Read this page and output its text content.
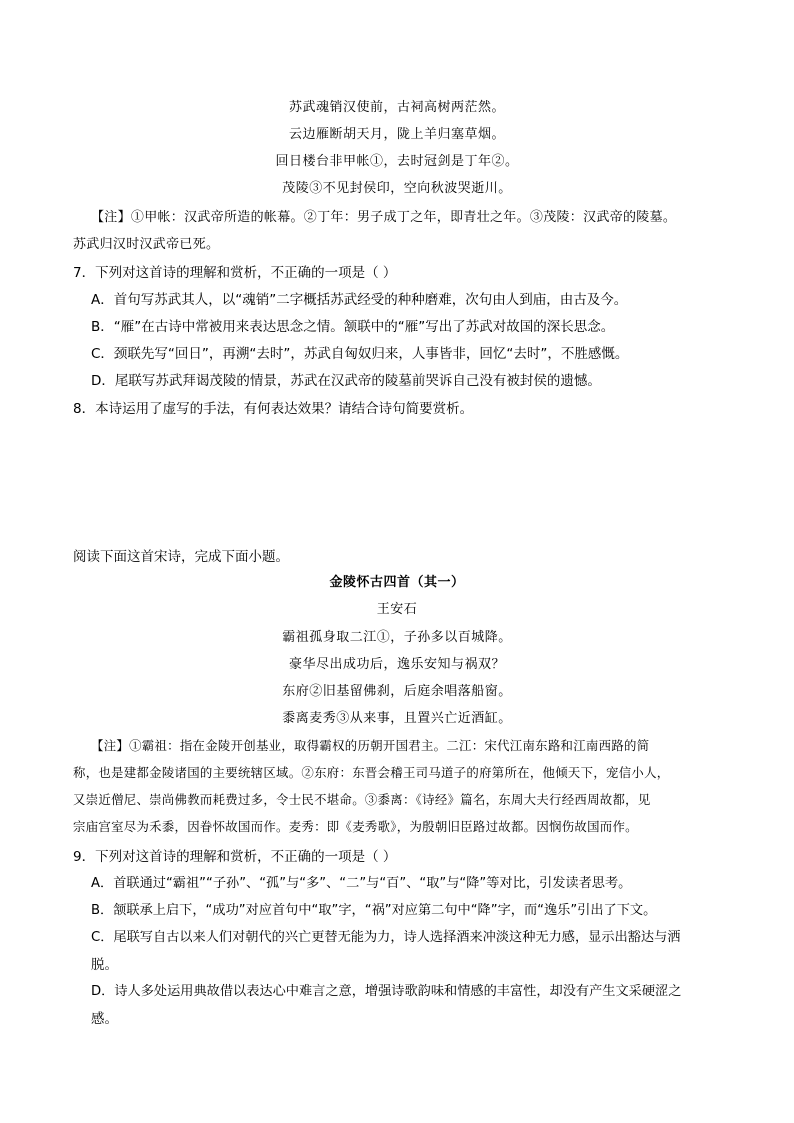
苏武魂销汉使前，古祠高树两茫然。
云边雁断胡天月，陇上羊归塞草烟。
回日楼台非甲帐①，去时冠剑是丁年②。
茂陵③不见封侯印，空向秋波哭逝川。
【注】①甲帐：汉武帝所造的帐幕。②丁年：男子成丁之年，即青壮之年。③茂陵：汉武帝的陵墓。
苏武归汉时汉武帝已死。
7．下列对这首诗的理解和赏析，不正确的一项是（ ）
A．首句写苏武其人，以“魂销”二字概括苏武经受的种种磨难，次句由人到庙，由古及今。
B．“雁”在古诗中常被用来表达思念之情。颔联中的“雁”写出了苏武对故国的深长思念。
C．颈联先写“回日”，再溯“去时”，苏武自匈奴归来，人事皆非，回忆“去时”，不胜感慨。
D．尾联写苏武拜谒茂陵的情景，苏武在汉武帝的陵墓前哭诉自己没有被封侯的遗憾。
8．本诗运用了虚写的手法，有何表达效果？请结合诗句简要赏析。
阅读下面这首宋诗，完成下面小题。
金陵怀古四首（其一）
王安石
霸祖孤身取二江①，子孙多以百城降。
豪华尽出成功后，逸乐安知与祸双？
东府②旧基留佛刹，后庭余唱落船窗。
黍离麦秀③从来事，且置兴亡近酒缸。
【注】①霸祖：指在金陵开创基业，取得霸权的历朝开国君主。二江：宋代江南东路和江南西路的简
称，也是建都金陵诸国的主要统辖区域。②东府：东晋会稽王司马道子的府第所在，他倾天下，宠信小人，
又崇近僧尼、崇尚佛教而耗费过多，令士民不堪命。③黍离：《诗经》篇名，东周大夫行经西周故都，见
宗庙宫室尽为禾黍，因眷怀故国而作。麦秀：即《麦秀歌》，为殷朝旧臣路过故都。因悯伤故国而作。
9．下列对这首诗的理解和赏析，不正确的一项是（ ）
A．首联通过“霸祖”“子孙”、“孤”与“多”、“二”与“百”、“取”与“降”等对比，引发读者思考。
B．颔联承上启下，“成功”对应首句中“取”字，“祸”对应第二句中“降”字，而“逸乐”引出了下文。
C．尾联写自古以来人们对朝代的兴亡更替无能为力，诗人选择酒来冲淡这种无力感，显示出豁达与洒
脱。
D．诗人多处运用典故借以表达心中难言之意，增强诗歌韵味和情感的丰富性，却没有产生文采硬涩之
感。
